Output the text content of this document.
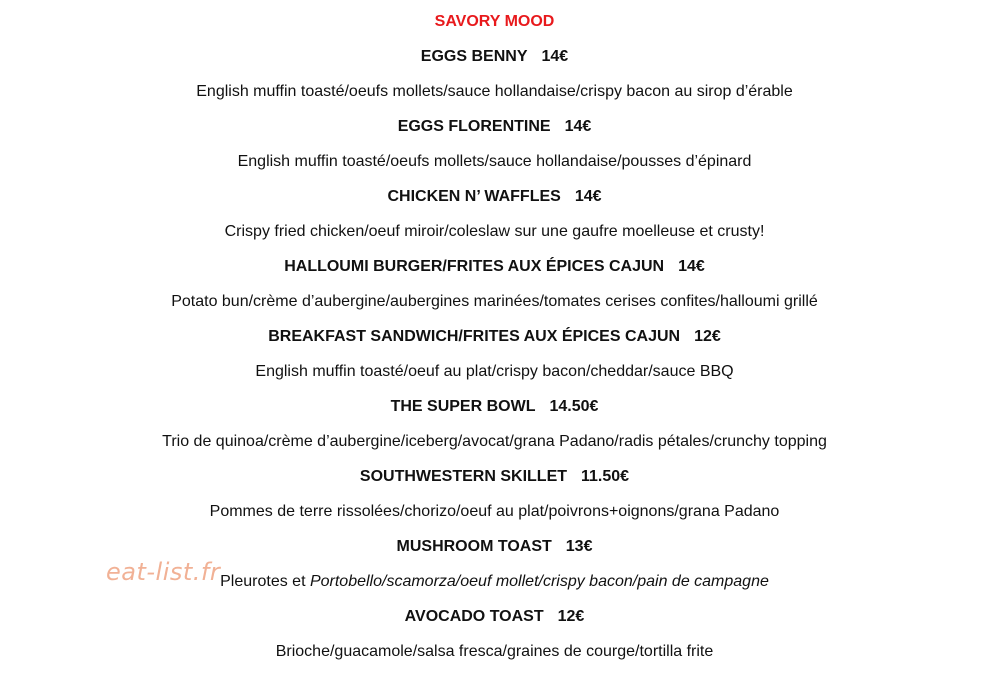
SAVORY MOOD
EGGS BENNY 14€
English muffin toasté/oeufs mollets/sauce hollandaise/crispy bacon au sirop d’érable
EGGS FLORENTINE 14€
English muffin toasté/oeufs mollets/sauce hollandaise/pousses d’épinard
CHICKEN N’ WAFFLES 14€
Crispy fried chicken/oeuf miroir/coleslaw sur une gaufre moelleuse et crusty!
HALLOUMI BURGER/FRITES AUX ÉPICES CAJUN 14€
Potato bun/crème d’aubergine/aubergines marinées/tomates cerises confites/halloumi grillé
BREAKFAST SANDWICH/FRITES AUX ÉPICES CAJUN 12€
English muffin toasté/oeuf au plat/crispy bacon/cheddar/sauce BBQ
THE SUPER BOWL 14.50€
Trio de quinoa/crème d’aubergine/iceberg/avocat/grana Padano/radis pétales/crunchy topping
SOUTHWESTERN SKILLET 11.50€
Pommes de terre rissolées/chorizo/oeuf au plat/poivrons+oignons/grana Padano
MUSHROOM TOAST 13€
Pleurotes et Portobello/scamorza/oeuf mollet/crispy bacon/pain de campagne
AVOCADO TOAST 12€
Brioche/guacamole/salsa fresca/graines de courge/tortilla frite
eat-list.fr
